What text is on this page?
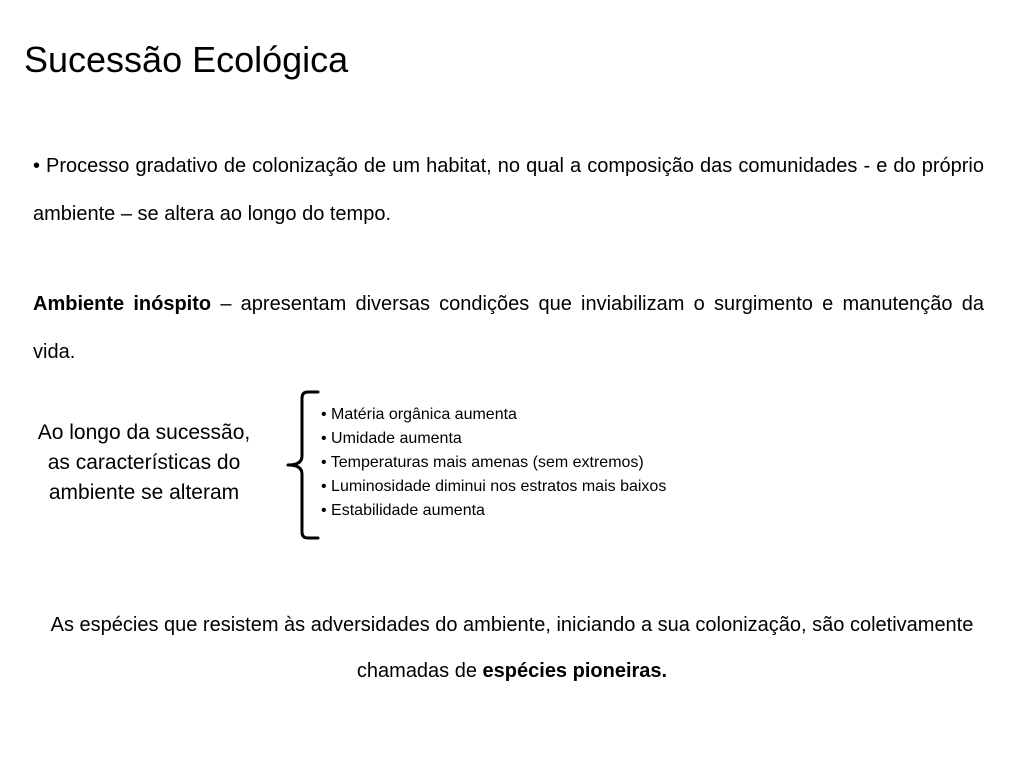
Sucessão Ecológica

• Processo gradativo de colonização de um habitat, no qual a composição das comunidades - e do próprio ambiente – se altera ao longo do tempo.

Ambiente inóspito – apresentam diversas condições que inviabilizam o surgimento e manutenção da vida.

Ao longo da sucessão,
as características do
ambiente se alteram

• Matéria orgânica aumenta
• Umidade aumenta
• Temperaturas mais amenas (sem extremos)
• Luminosidade diminui nos estratos mais baixos
• Estabilidade aumenta

As espécies que resistem às adversidades do ambiente, iniciando a sua colonização, são coletivamente chamadas de espécies pioneiras.
